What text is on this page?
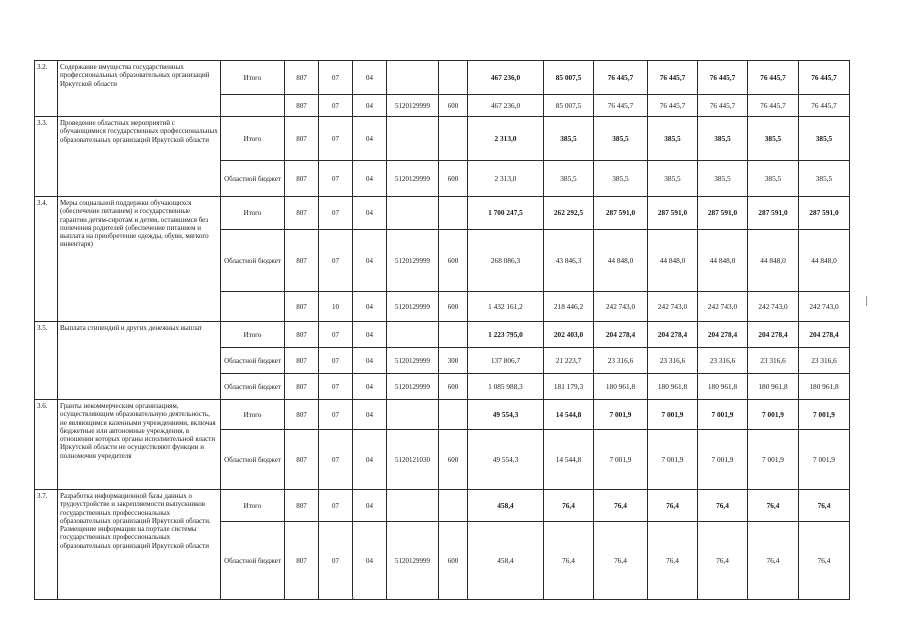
3.2.	Содержание имущества государственных профессиональных образовательных организаций Иркутской области	Итого	807	07	04			467 236,0	85 007,5	76 445,7	76 445,7	76 445,7	76 445,7	76 445,7
			807	07	04	5120129999	600	467 236,0	85 007,5	76 445,7	76 445,7	76 445,7	76 445,7	76 445,7
3.3.	Проведение областных мероприятий с обучающимися государственных профессиональных образовательных организаций Иркутской области	Итого	807	07	04			2 313,0	385,5	385,5	385,5	385,5	385,5	385,5
		Областной бюджет	807	07	04	5120129999	600	2 313,0	385,5	385,5	385,5	385,5	385,5	385,5
3.4.	Меры социальной поддержки обучающихся (обеспечение питанием) и государственные гарантии детям-сиротам и детям, оставшимся без попечения родителей (обеспечение питанием и выплата на приобретение одежды, обуви, мягкого инвентаря)	Итого	807	07	04			1 700 247,5	262 292,5	287 591,0	287 591,0	287 591,0	287 591,0	287 591,0
		Областной бюджет	807	07	04	5120129999	600	268 086,3	43 846,3	44 848,0	44 848,0	44 848,0	44 848,0	44 848,0
			807	10	04	5120129999	600	1 432 161,2	218 446,2	242 743,0	242 743,0	242 743,0	242 743,0	242 743,0
3.5.	Выплата стипендий и других денежных выплат	Итого	807	07	04			1 223 795,0	202 403,0	204 278,4	204 278,4	204 278,4	204 278,4	204 278,4
		Областной бюджет	807	07	04	5120129999	300	137 806,7	21 223,7	23 316,6	23 316,6	23 316,6	23 316,6	23 316,6
		Областной бюджет	807	07	04	5120129999	600	1 085 988,3	181 179,3	180 961,8	180 961,8	180 961,8	180 961,8	180 961,8
3.6.	Гранты некоммерческим организациям, осуществляющим образовательную деятельность, не являющимся казенными учреждениями, включая бюджетные или автономные учреждения, в отношении которых органы исполнительной власти Иркутской области не осуществляют функции и полномочия учредителя	Итого	807	07	04			49 554,3	14 544,8	7 001,9	7 001,9	7 001,9	7 001,9	7 001,9
		Областной бюджет	807	07	04	5120121030	600	49 554,3	14 544,8	7 001,9	7 001,9	7 001,9	7 001,9	7 001,9
3.7.	Разработка информационной базы данных о трудоустройстве и закрепляемости выпускников государственных профессиональных образовательных организаций Иркутской области. Размещение информации на портале системы государственных профессиональных образовательных организаций Иркутской области	Итого	807	07	04			458,4	76,4	76,4	76,4	76,4	76,4	76,4
		Областной бюджет	807	07	04	5120129999	600	458,4	76,4	76,4	76,4	76,4	76,4	76,4
